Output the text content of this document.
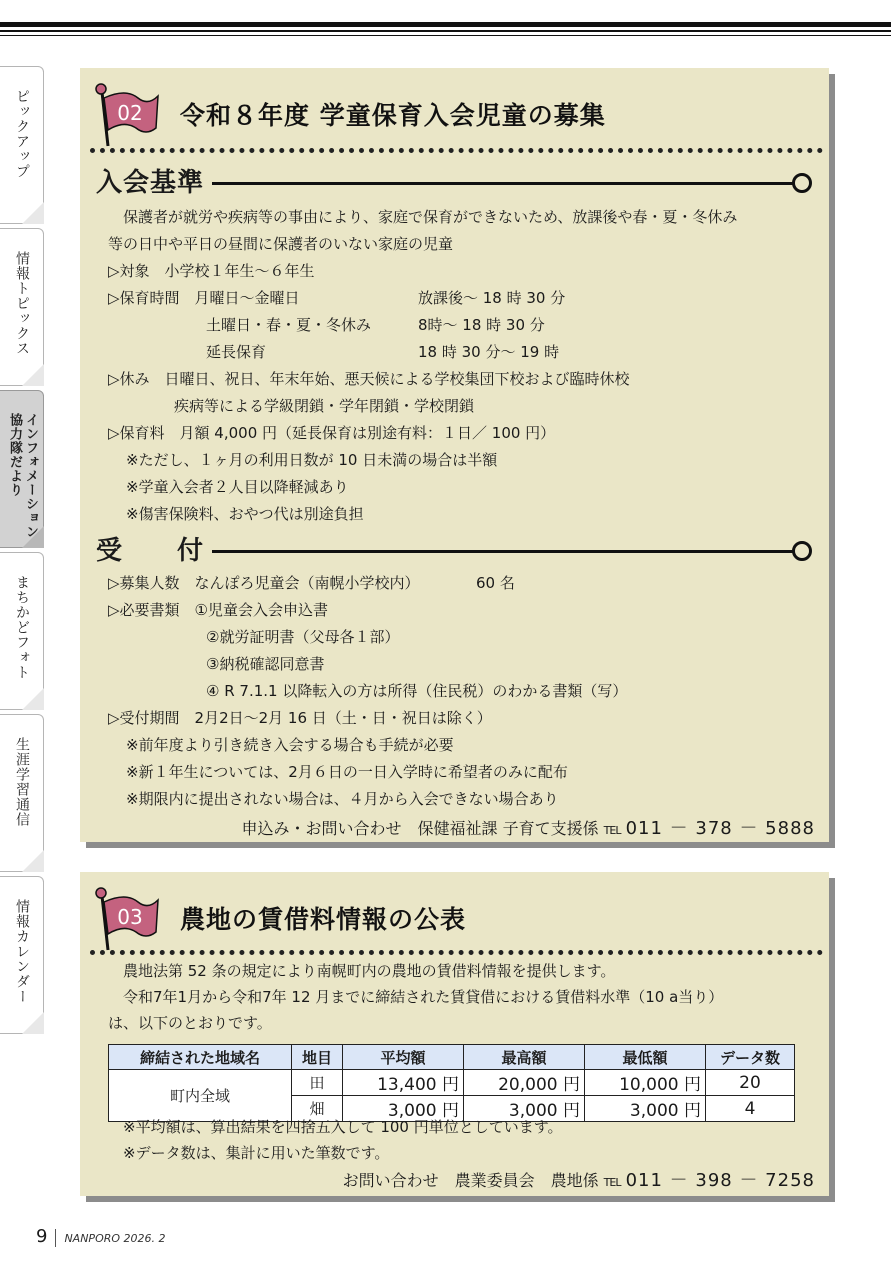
ピックアップ
情報トピックス
インフォメーション
協力隊だより
まちかどフォト
生涯学習通信
情報カレンダー
02 令和８年度 学童保育入会児童の募集
入会基準
　保護者が就労や疾病等の事由により、家庭で保育ができないため、放課後や春・夏・冬休み
等の日中や平日の昼間に保護者のいない家庭の児童
▷対象　小学校１年生～６年生
▷保育時間　月曜日～金曜日	放課後～ 18 時 30 分
土曜日・春・夏・冬休み	8時～ 18 時 30 分
延長保育	18 時 30 分～ 19 時
▷休み　日曜日、祝日、年末年始、悪天候による学校集団下校および臨時休校
疾病等による学級閉鎖・学年閉鎖・学校閉鎖
▷保育料　月額 4,000 円（延長保育は別途有料：１日／ 100 円）
※ただし、１ヶ月の利用日数が 10 日未満の場合は半額
※学童入会者２人目以降軽減あり
※傷害保険料、おやつ代は別途負担
受　　付
▷募集人数　なんぽろ児童会（南幌小学校内）	60 名
▷必要書類　①児童会入会申込書
②就労証明書（父母各１部）
③納税確認同意書
④ R 7.1.1 以降転入の方は所得（住民税）のわかる書類（写）
▷受付期間　2月2日～2月 16 日（土・日・祝日は除く）
※前年度より引き続き入会する場合も手続が必要
※新１年生については、2月６日の一日入学時に希望者のみに配布
※期限内に提出されない場合は、４月から入会できない場合あり
申込み・お問い合わせ　保健福祉課 子育て支援係 TEL 011 － 378 － 5888
03 農地の賃借料情報の公表
　農地法第 52 条の規定により南幌町内の農地の賃借料情報を提供します。
　令和7年1月から令和7年 12 月までに締結された賃貸借における賃借料水準（10 a当り）
は、以下のとおりです。
締結された地域名	地目	平均額	最高額	最低額	データ数
町内全域	田	13,400 円	20,000 円	10,000 円	20
	畑	3,000 円	3,000 円	3,000 円	4
　※平均額は、算出結果を四捨五入して 100 円単位としています。
　※データ数は、集計に用いた筆数です。
お問い合わせ　農業委員会　農地係 TEL 011 － 398 － 7258
9 NANPORO 2026. 2
